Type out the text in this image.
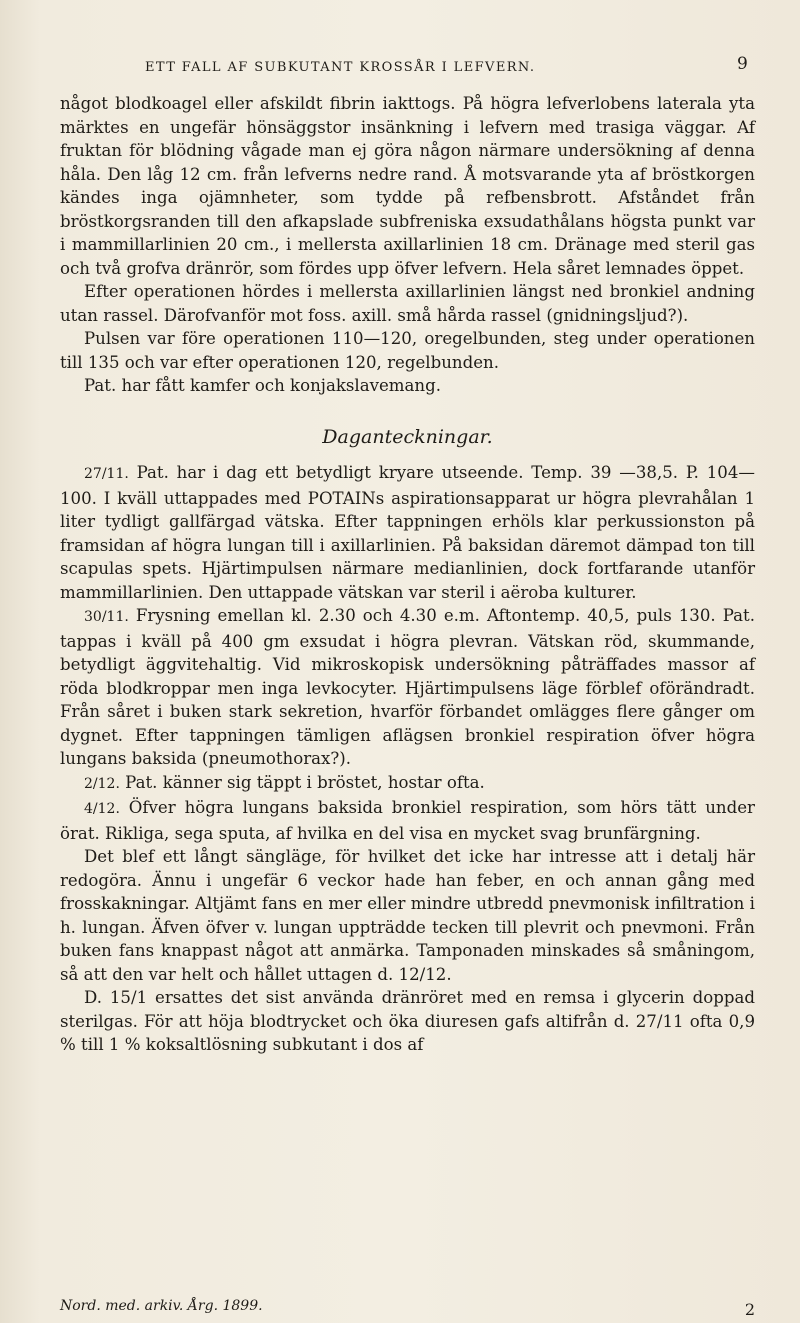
ETT FALL AF SUBKUTANT KROSSÅR I LEFVERN.	9

något blodkoagel eller afskildt fibrin iakttogs. På högra lefverlobens laterala yta märktes en ungefär hönsäggstor insänkning i lefvern med trasiga väggar. Af fruktan för blödning vågade man ej göra någon närmare undersökning af denna håla. Den låg 12 cm. från lefverns nedre rand. Å motsvarande yta af bröstkorgen kändes inga ojämnheter, som tydde på refbensbrott. Afståndet från bröstkorgsranden till den afkapslade subfreniska exsudathålans högsta punkt var i mammillarlinien 20 cm., i mellersta axillarlinien 18 cm. Dränage med steril gas och två grofva dränrör, som fördes upp öfver lefvern. Hela såret lemnades öppet.

Efter operationen hördes i mellersta axillarlinien längst ned bronkiel andning utan rassel. Därofvanför mot foss. axill. små hårda rassel (gnidningsljud?).

Pulsen var före operationen 110—120, oregelbunden, steg under operationen till 135 och var efter operationen 120, regelbunden.

Pat. har fått kamfer och konjakslavemang.

Daganteckningar.

27/11. Pat. har i dag ett betydligt kryare utseende. Temp. 39 —38,5. P. 104—100. I kväll uttappades med POTAINs aspirationsapparat ur högra plevrahålan 1 liter tydligt gallfärgad vätska. Efter tappningen erhöls klar perkussionston på framsidan af högra lungan till i axillarlinien. På baksidan däremot dämpad ton till scapulas spets. Hjärtimpulsen närmare medianlinien, dock fortfarande utanför mammillarlinien. Den uttappade vätskan var steril i aëroba kulturer.

30/11. Frysning emellan kl. 2.30 och 4.30 e.m. Aftontemp. 40,5, puls 130. Pat. tappas i kväll på 400 gm exsudat i högra plevran. Vätskan röd, skummande, betydligt äggvitehaltig. Vid mikroskopisk undersökning påträffades massor af röda blodkroppar men inga levkocyter. Hjärtimpulsens läge förblef oförändradt. Från såret i buken stark sekretion, hvarför förbandet omlägges flere gånger om dygnet. Efter tappningen tämligen aflägsen bronkiel respiration öfver högra lungans baksida (pneumothorax?).

2/12. Pat. känner sig täppt i bröstet, hostar ofta.

4/12. Öfver högra lungans baksida bronkiel respiration, som hörs tätt under örat. Rikliga, sega sputa, af hvilka en del visa en mycket svag brunfärgning.

Det blef ett långt sängläge, för hvilket det icke har intresse att i detalj här redogöra. Ännu i ungefär 6 veckor hade han feber, en och annan gång med frosskakningar. Altjämt fans en mer eller mindre utbredd pnevmonisk infiltration i h. lungan. Äfven öfver v. lungan uppträdde tecken till plevrit och pnevmoni. Från buken fans knappast något att anmärka. Tamponaden minskades så småningom, så att den var helt och hållet uttagen d. 12/12.

D. 15/1 ersattes det sist använda dränröret med en remsa i glycerin doppad sterilgas. För att höja blodtrycket och öka diuresen gafs altifrån d. 27/11 ofta 0,9 % till 1 % koksaltlösning subkutant i dos af

Nord. med. arkiv. Årg. 1899.	2
